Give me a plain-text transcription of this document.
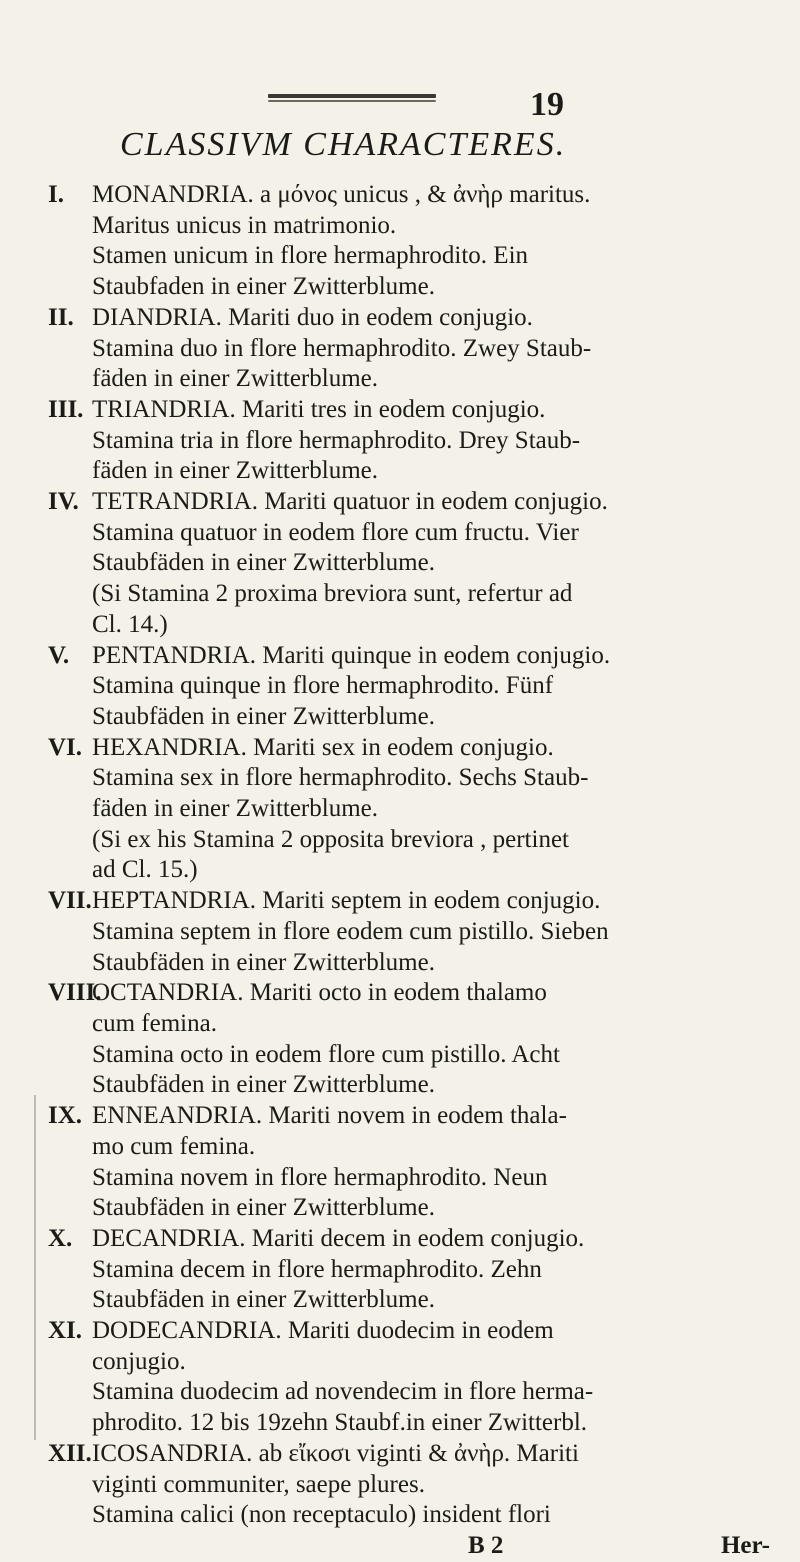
19
CLASSIVM CHARACTERES.
I. MONANDRIA. a μόνος unicus , & ἀνὴρ maritus.
Maritus unicus in matrimonio.
Stamen unicum in flore hermaphrodito. Ein
Staubfaden in einer Zwitterblume.
II. DIANDRIA. Mariti duo in eodem conjugio.
Stamina duo in flore hermaphrodito. Zwey Staub-
fäden in einer Zwitterblume.
III. TRIANDRIA. Mariti tres in eodem conjugio.
Stamina tria in flore hermaphrodito. Drey Staub-
fäden in einer Zwitterblume.
IV. TETRANDRIA. Mariti quatuor in eodem conjugio.
Stamina quatuor in eodem flore cum fructu. Vier
Staubfäden in einer Zwitterblume.
(Si Stamina 2 proxima breviora sunt, refertur ad
Cl. 14.)
V. PENTANDRIA. Mariti quinque in eodem conjugio.
Stamina quinque in flore hermaphrodito. Fünf
Staubfäden in einer Zwitterblume.
VI. HEXANDRIA. Mariti sex in eodem conjugio.
Stamina sex in flore hermaphrodito. Sechs Staub-
fäden in einer Zwitterblume.
(Si ex his Stamina 2 opposita breviora , pertinet
ad Cl. 15.)
VII.HEPTANDRIA. Mariti septem in eodem conjugio.
Stamina septem in flore eodem cum pistillo. Sieben
Staubfäden in einer Zwitterblume.
VIII.OCTANDRIA. Mariti octo in eodem thalamo
cum femina.
Stamina octo in eodem flore cum pistillo. Acht
Staubfäden in einer Zwitterblume.
IX. ENNEANDRIA. Mariti novem in eodem thala-
mo cum femina.
Stamina novem in flore hermaphrodito. Neun
Staubfäden in einer Zwitterblume.
X. DECANDRIA. Mariti decem in eodem conjugio.
Stamina decem in flore hermaphrodito. Zehn
Staubfäden in einer Zwitterblume.
XI. DODECANDRIA. Mariti duodecim in eodem
conjugio.
Stamina duodecim ad novendecim in flore herma-
phrodito. 12 bis 19zehn Staubf.in einer Zwitterbl.
XII.ICOSANDRIA. ab εἴκοσι viginti & ἀνὴρ. Mariti
viginti communiter, saepe plures.
Stamina calici (non receptaculo) insident flori
B 2	Her-
